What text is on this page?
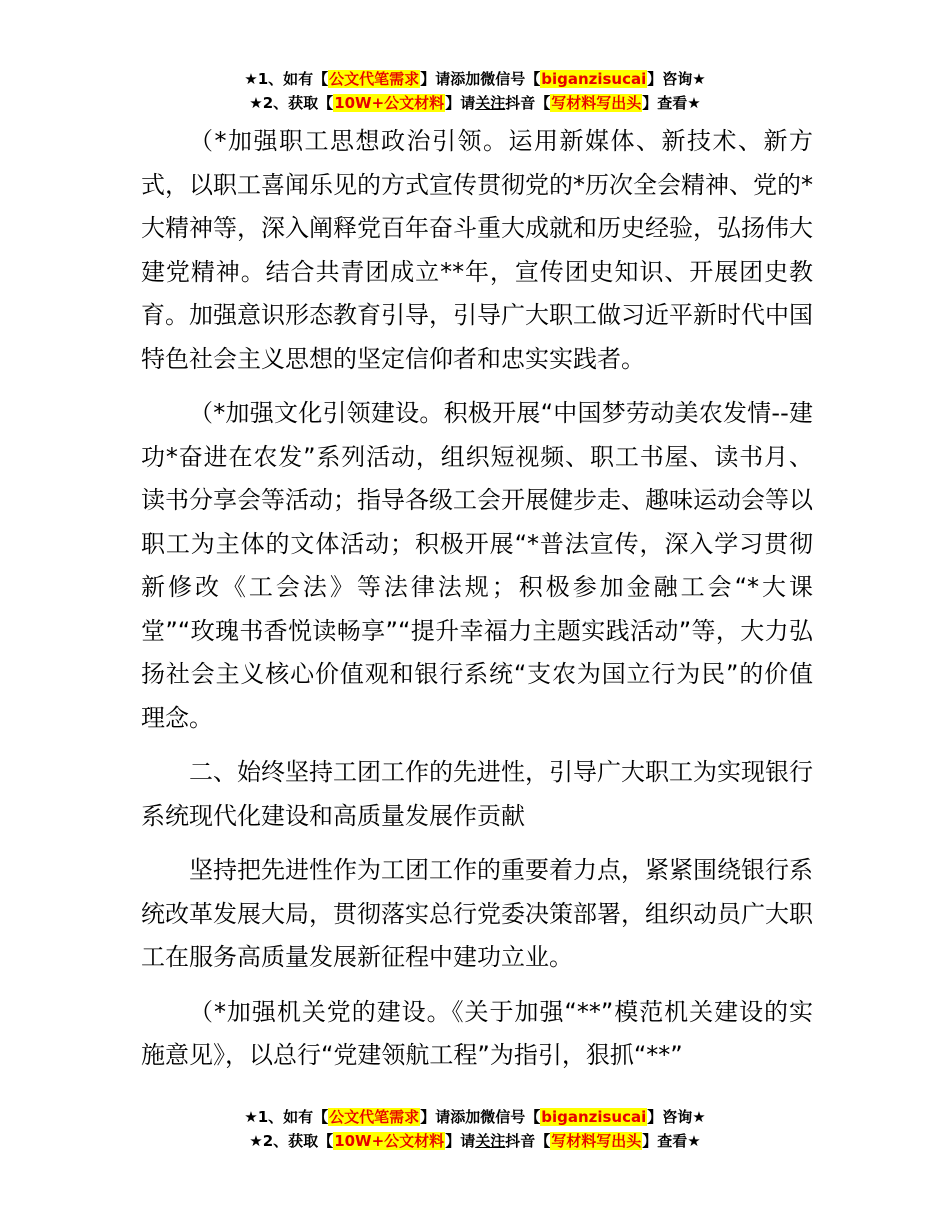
★1、如有【公文代笔需求】请添加微信号【biganzisucai】咨询★
★2、获取【10W+公文材料】请关注抖音【写材料写出头】查看★

（*加强职工思想政治引领。运用新媒体、新技术、新方式，以职工喜闻乐见的方式宣传贯彻党的*历次全会精神、党的*大精神等，深入阐释党百年奋斗重大成就和历史经验，弘扬伟大建党精神。结合共青团成立**年，宣传团史知识、开展团史教育。加强意识形态教育引导，引导广大职工做习近平新时代中国特色社会主义思想的坚定信仰者和忠实实践者。

（*加强文化引领建设。积极开展“中国梦劳动美农发情--建功*奋进在农发”系列活动，组织短视频、职工书屋、读书月、读书分享会等活动；指导各级工会开展健步走、趣味运动会等以职工为主体的文体活动；积极开展“*普法宣传，深入学习贯彻新修改《工会法》等法律法规；积极参加金融工会“*大课堂”“玫瑰书香悦读畅享”“提升幸福力主题实践活动”等，大力弘扬社会主义核心价值观和银行系统“支农为国立行为民”的价值理念。

二、始终坚持工团工作的先进性，引导广大职工为实现银行系统现代化建设和高质量发展作贡献

坚持把先进性作为工团工作的重要着力点，紧紧围绕银行系统改革发展大局，贯彻落实总行党委决策部署，组织动员广大职工在服务高质量发展新征程中建功立业。

（*加强机关党的建设。《关于加强“**”模范机关建设的实施意见》，以总行“党建领航工程”为指引，狠抓“**”

★1、如有【公文代笔需求】请添加微信号【biganzisucai】咨询★
★2、获取【10W+公文材料】请关注抖音【写材料写出头】查看★
